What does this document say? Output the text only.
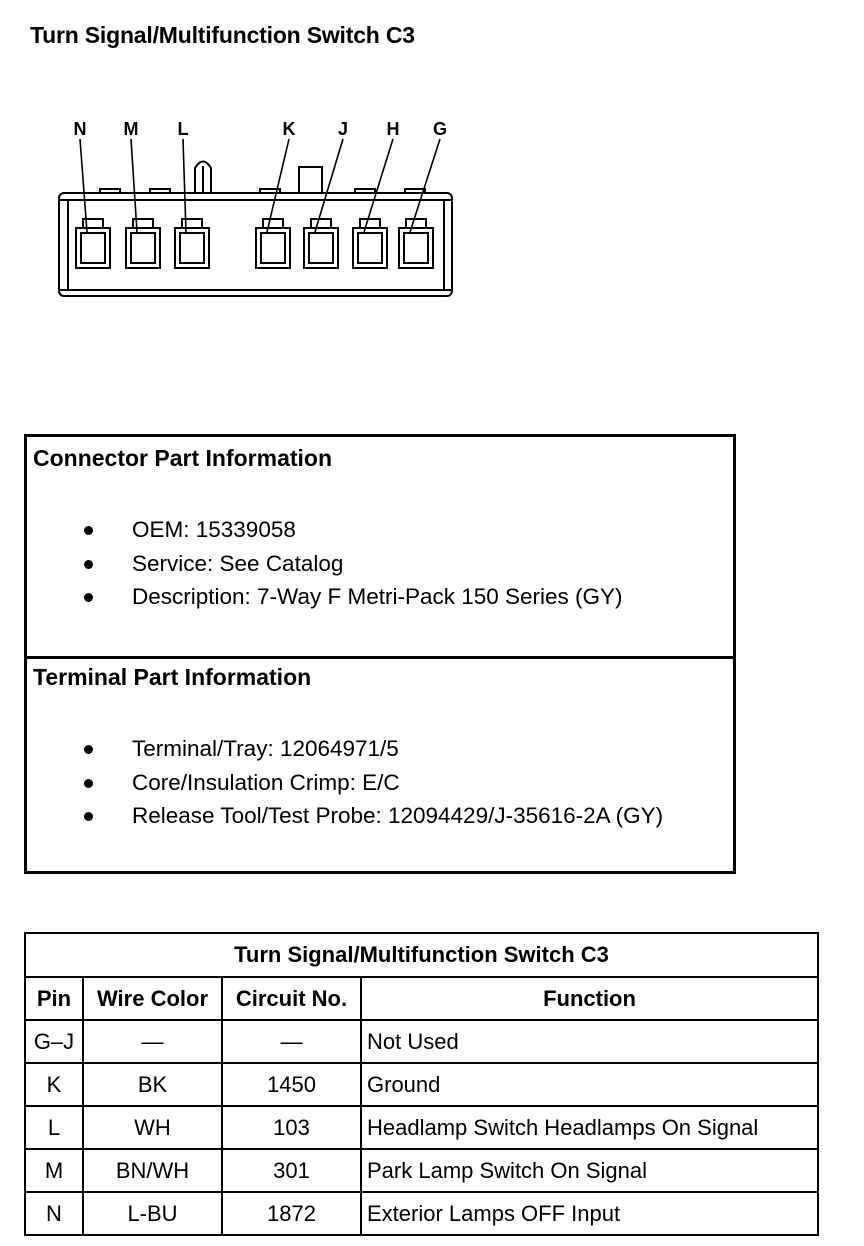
Turn Signal/Multifunction Switch C3
N M L	K J H G
Connector Part Information
OEM: 15339058
Service: See Catalog
Description: 7-Way F Metri-Pack 150 Series (GY)
Terminal Part Information
Terminal/Tray: 12064971/5
Core/Insulation Crimp: E/C
Release Tool/Test Probe: 12094429/J-35616-2A (GY)
Turn Signal/Multifunction Switch C3			
Pin	Wire Color	Circuit No.	Function
G–J	—	—	Not Used
K	BK	1450	Ground
L	WH	103	Headlamp Switch Headlamps On Signal
M	BN/WH	301	Park Lamp Switch On Signal
N	L-BU	1872	Exterior Lamps OFF Input
